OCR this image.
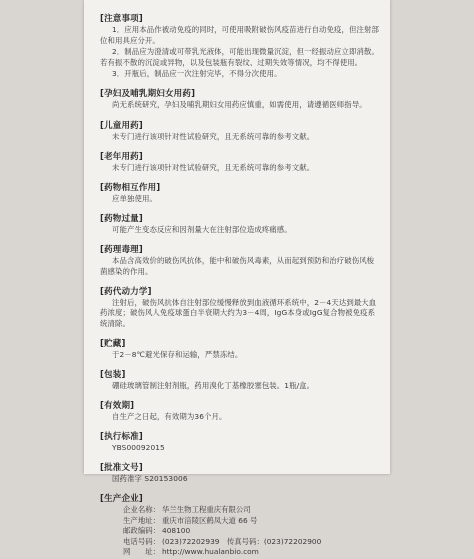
[注意事项]
1．应用本品作被动免疫的同时，可使用吸附破伤风疫苗进行自动免疫，但注射部位和用具应分开。
2．制品应为澄清或可带乳光液体，可能出现微量沉淀，但一经振动应立即消散。若有振不散的沉淀或异物，以及包装瓶有裂纹、过期失效等情况，均不得使用。
3．开瓶后，制品应一次注射完毕，不得分次使用。
[孕妇及哺乳期妇女用药]
尚无系统研究，孕妇及哺乳期妇女用药应慎重，如需使用，请遵循医师指导。
[儿童用药]
未专门进行该项针对性试验研究，且无系统可靠的参考文献。
[老年用药]
未专门进行该项针对性试验研究，且无系统可靠的参考文献。
[药物相互作用]
应单独使用。
[药物过量]
可能产生变态反应和因剂量大在注射部位造成疼痛感。
[药理毒理]
本品含高效价的破伤风抗体，能中和破伤风毒素，从而起到预防和治疗破伤风梭菌感染的作用。
[药代动力学]
注射后，破伤风抗体自注射部位缓慢释放到血液循环系统中，2－4天达到最大血药浓度；破伤风人免疫球蛋白半衰期大约为3－4周，IgG本身或IgG复合物被免疫系统清除。
[贮藏]
于2－8℃避光保存和运输，严禁冻结。
[包装]
硼硅玻璃管制注射剂瓶，药用溴化丁基橡胶塞包装。1瓶/盒。
[有效期]
自生产之日起，有效期为36个月。
[执行标准]
YBS00092015
[批准文号]
国药准字 S20153006
[生产企业]
企业名称： 华兰生物工程重庆有限公司
生产地址： 重庆市涪陵区鹤凤大道 66 号
邮政编码： 408100
电话号码： (023)72202939　传真号码：(023)72202900
网　　址： http://www.hualanbio.com
